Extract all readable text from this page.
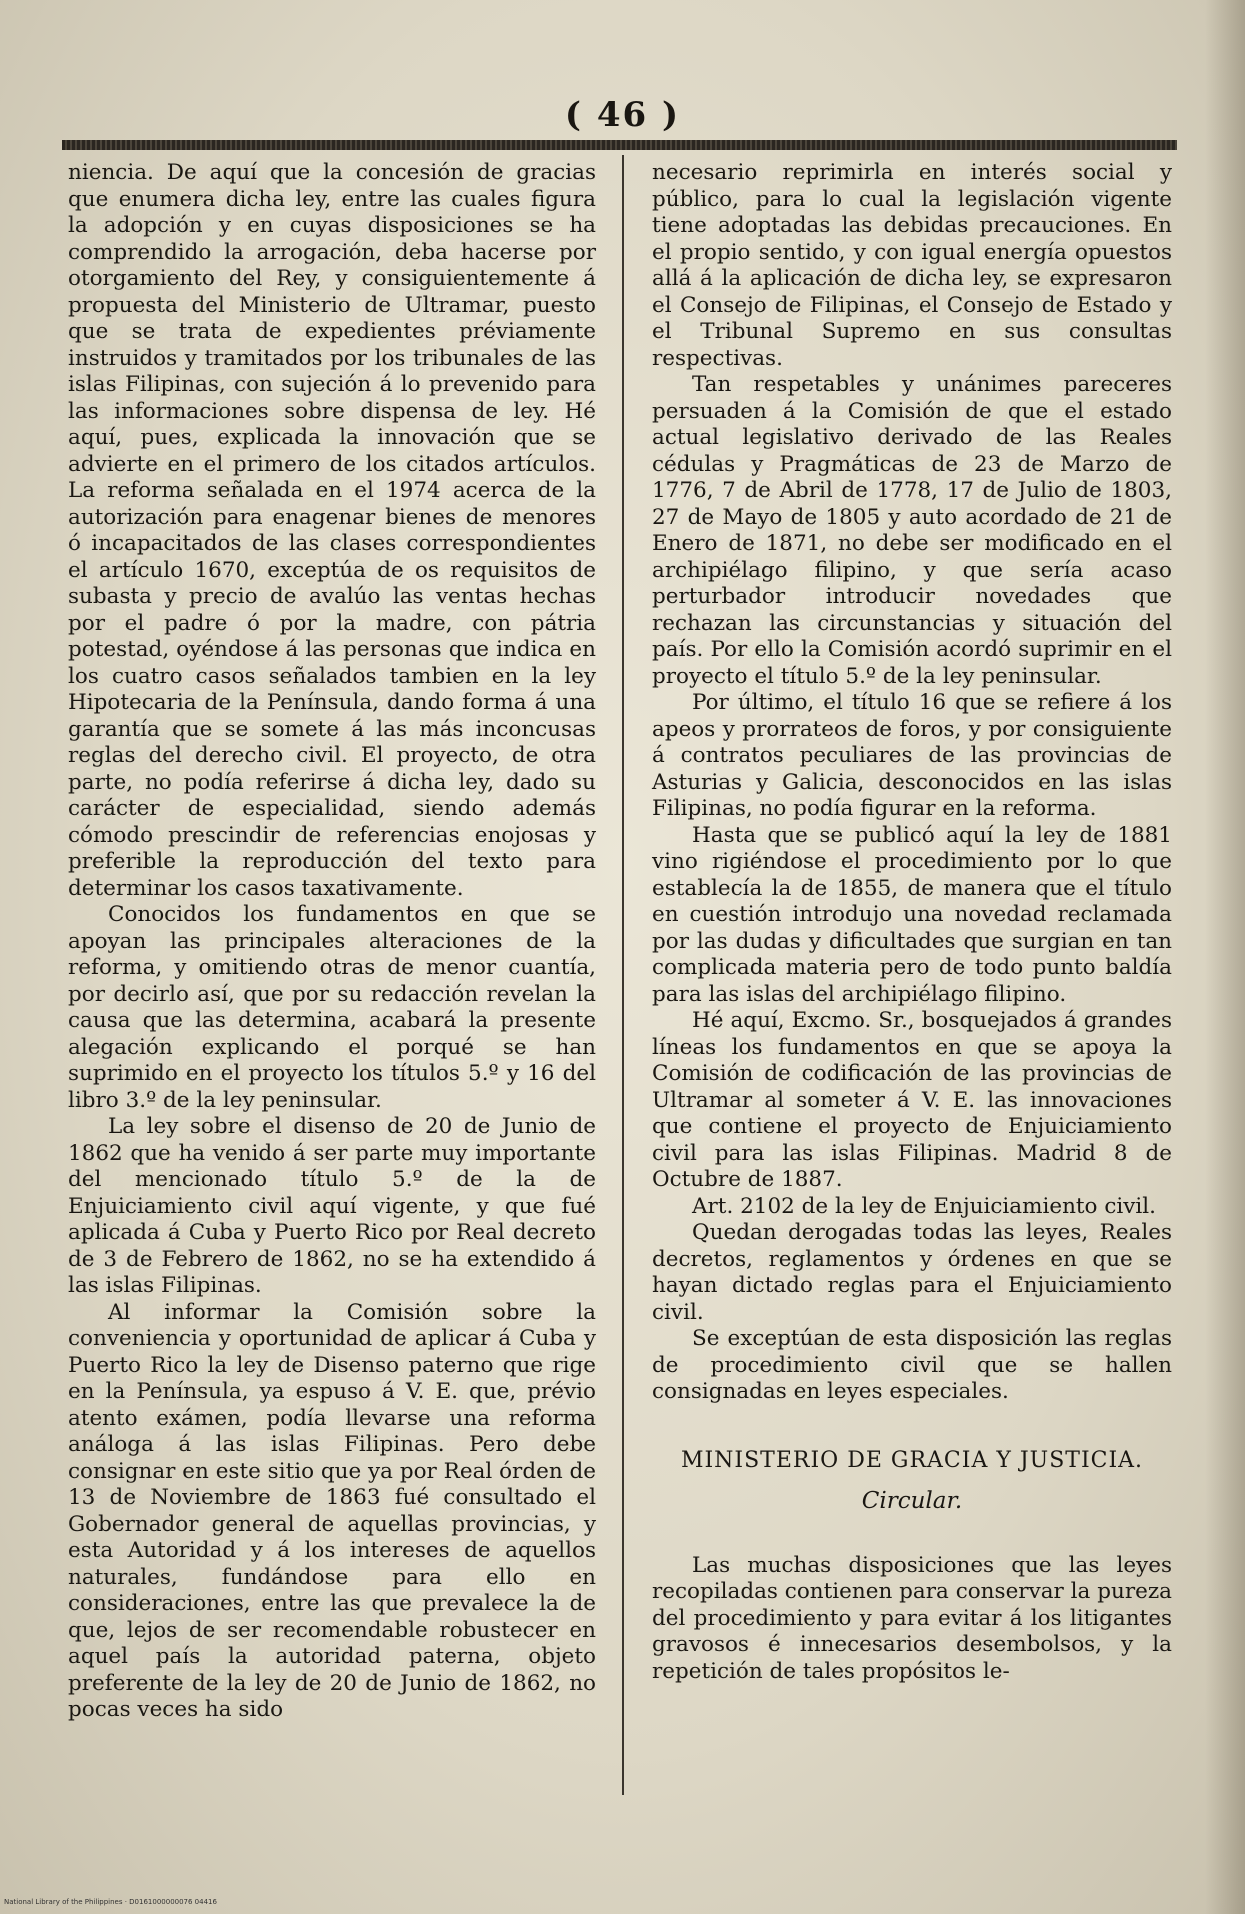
( 46 )

niencia. De aquí que la concesión de gracias que enumera dicha ley, entre las cuales figura la adopción y en cuyas disposiciones se ha comprendido la arrogación, deba hacerse por otorgamiento del Rey, y consiguientemente á propuesta del Ministerio de Ultramar, puesto que se trata de expedientes préviamente instruidos y tramitados por los tribunales de las islas Filipinas, con sujeción á lo prevenido para las informaciones sobre dispensa de ley. Hé aquí, pues, explicada la innovación que se advierte en el primero de los citados artículos. La reforma señalada en el 1974 acerca de la autorización para enagenar bienes de menores ó incapacitados de las clases correspondientes el artículo 1670, exceptúa de os requisitos de subasta y precio de avalúo las ventas hechas por el padre ó por la madre, con pátria potestad, oyéndose á las personas que indica en los cuatro casos señalados tambien en la ley Hipotecaria de la Península, dando forma á una garantía que se somete á las más inconcusas reglas del derecho civil. El proyecto, de otra parte, no podía referirse á dicha ley, dado su carácter de especialidad, siendo además cómodo prescindir de referencias enojosas y preferible la reproducción del texto para determinar los casos taxativamente.

Conocidos los fundamentos en que se apoyan las principales alteraciones de la reforma, y omitiendo otras de menor cuantía, por decirlo así, que por su redacción revelan la causa que las determina, acabará la presente alegación explicando el porqué se han suprimido en el proyecto los títulos 5.º y 16 del libro 3.º de la ley peninsular.

La ley sobre el disenso de 20 de Junio de 1862 que ha venido á ser parte muy importante del mencionado título 5.º de la de Enjuiciamiento civil aquí vigente, y que fué aplicada á Cuba y Puerto Rico por Real decreto de 3 de Febrero de 1862, no se ha extendido á las islas Filipinas.

Al informar la Comisión sobre la conveniencia y oportunidad de aplicar á Cuba y Puerto Rico la ley de Disenso paterno que rige en la Península, ya espuso á V. E. que, prévio atento exámen, podía llevarse una reforma análoga á las islas Filipinas. Pero debe consignar en este sitio que ya por Real órden de 13 de Noviembre de 1863 fué consultado el Gobernador general de aquellas provincias, y esta Autoridad y á los intereses de aquellos naturales, fundándose para ello en consideraciones, entre las que prevalece la de que, lejos de ser recomendable robustecer en aquel país la autoridad paterna, objeto preferente de la ley de 20 de Junio de 1862, no pocas veces ha sido

necesario reprimirla en interés social y público, para lo cual la legislación vigente tiene adoptadas las debidas precauciones. En el propio sentido, y con igual energía opuestos allá á la aplicación de dicha ley, se expresaron el Consejo de Filipinas, el Consejo de Estado y el Tribunal Supremo en sus consultas respectivas.

Tan respetables y unánimes pareceres persuaden á la Comisión de que el estado actual legislativo derivado de las Reales cédulas y Pragmáticas de 23 de Marzo de 1776, 7 de Abril de 1778, 17 de Julio de 1803, 27 de Mayo de 1805 y auto acordado de 21 de Enero de 1871, no debe ser modificado en el archipiélago filipino, y que sería acaso perturbador introducir novedades que rechazan las circunstancias y situación del país. Por ello la Comisión acordó suprimir en el proyecto el título 5.º de la ley peninsular.

Por último, el título 16 que se refiere á los apeos y prorrateos de foros, y por consiguiente á contratos peculiares de las provincias de Asturias y Galicia, desconocidos en las islas Filipinas, no podía figurar en la reforma.

Hasta que se publicó aquí la ley de 1881 vino rigiéndose el procedimiento por lo que establecía la de 1855, de manera que el título en cuestión introdujo una novedad reclamada por las dudas y dificultades que surgian en tan complicada materia pero de todo punto baldía para las islas del archipiélago filipino.

Hé aquí, Excmo. Sr., bosquejados á grandes líneas los fundamentos en que se apoya la Comisión de codificación de las provincias de Ultramar al someter á V. E. las innovaciones que contiene el proyecto de Enjuiciamiento civil para las islas Filipinas. Madrid 8 de Octubre de 1887.

Art. 2102 de la ley de Enjuiciamiento civil.

Quedan derogadas todas las leyes, Reales decretos, reglamentos y órdenes en que se hayan dictado reglas para el Enjuiciamiento civil.

Se exceptúan de esta disposición las reglas de procedimiento civil que se hallen consignadas en leyes especiales.

MINISTERIO DE GRACIA Y JUSTICIA.

Circular.

Las muchas disposiciones que las leyes recopiladas contienen para conservar la pureza del procedimiento y para evitar á los litigantes gravosos é innecesarios desembolsos, y la repetición de tales propósitos le-

National Library of the Philippines · D0161000000076 04416
